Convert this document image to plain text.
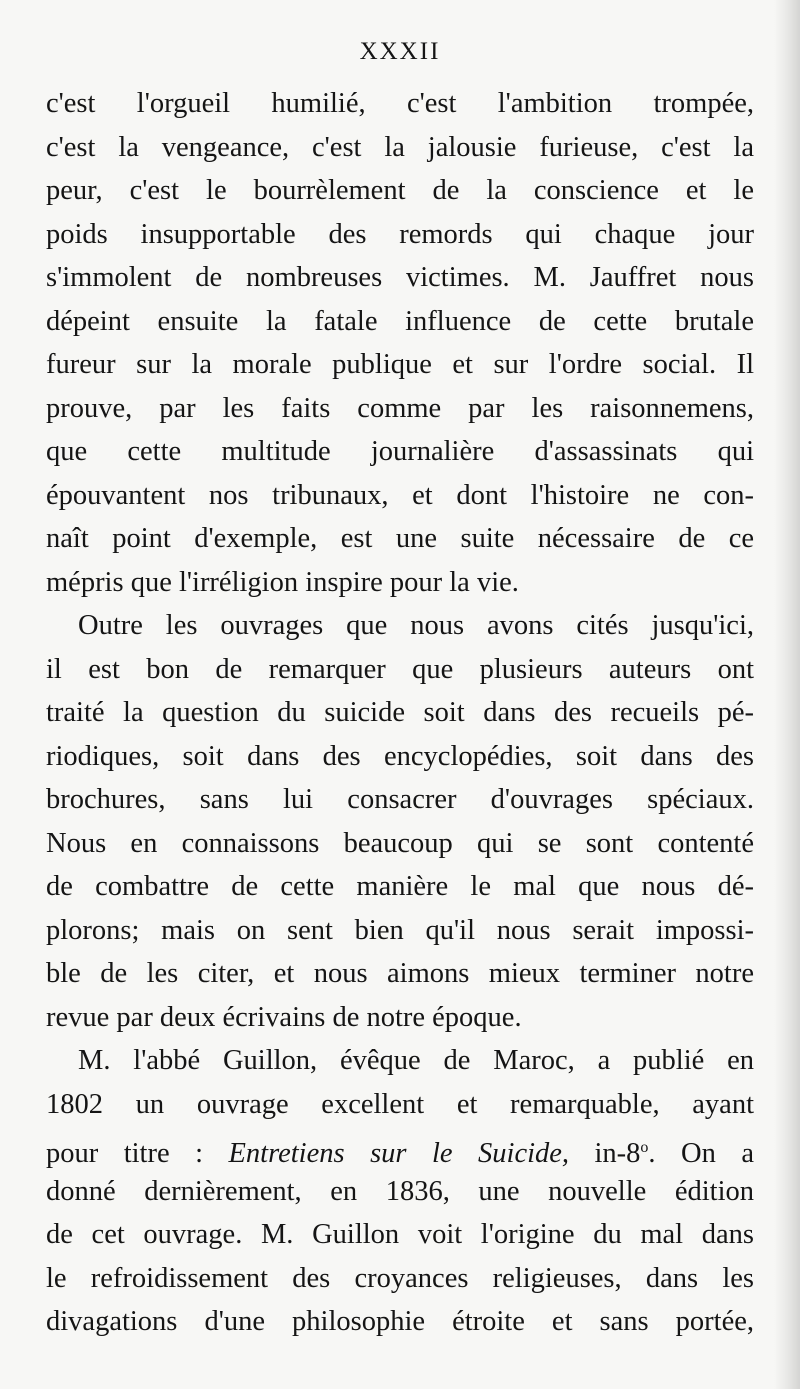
XXXII

c'est l'orgueil humilié, c'est l'ambition trompée,
c'est la vengeance, c'est la jalousie furieuse, c'est la
peur, c'est le bourrèlement de la conscience et le
poids insupportable des remords qui chaque jour
s'immolent de nombreuses victimes. M. Jauffret nous
dépeint ensuite la fatale influence de cette brutale
fureur sur la morale publique et sur l'ordre social. Il
prouve, par les faits comme par les raisonnemens,
que cette multitude journalière d'assassinats qui
épouvantent nos tribunaux, et dont l'histoire ne con-
naît point d'exemple, est une suite nécessaire de ce
mépris que l'irréligion inspire pour la vie.
Outre les ouvrages que nous avons cités jusqu'ici,
il est bon de remarquer que plusieurs auteurs ont
traité la question du suicide soit dans des recueils pé-
riodiques, soit dans des encyclopédies, soit dans des
brochures, sans lui consacrer d'ouvrages spéciaux.
Nous en connaissons beaucoup qui se sont contenté
de combattre de cette manière le mal que nous dé-
plorons; mais on sent bien qu'il nous serait impossi-
ble de les citer, et nous aimons mieux terminer notre
revue par deux écrivains de notre époque.
M. l'abbé Guillon, évêque de Maroc, a publié en
1802 un ouvrage excellent et remarquable, ayant
pour titre : Entretiens sur le Suicide, in-8$^o$. On a
donné dernièrement, en 1836, une nouvelle édition
de cet ouvrage. M. Guillon voit l'origine du mal dans
le refroidissement des croyances religieuses, dans les
divagations d'une philosophie étroite et sans portée,
